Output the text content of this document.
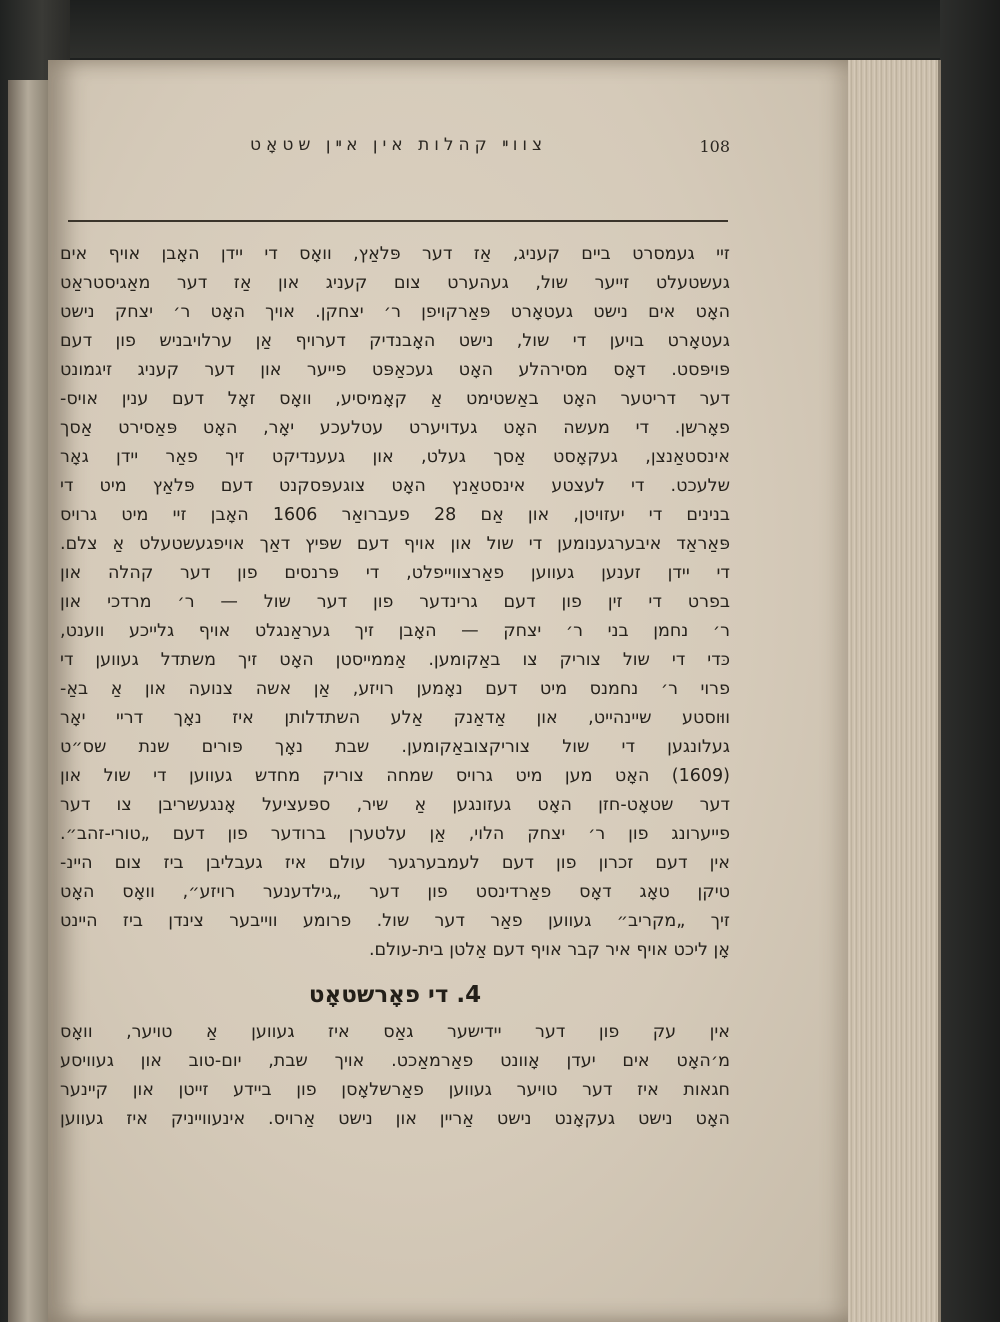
צווײ קהלות אין אײן שטאָט	108
זיי געמסרט ביים קעניג, אַז דער פּלאַץ, וואָס די יידן האָבן אויף אים
געשטעלט זייער שול, געהערט צום קעניג און אַז דער מאַגיסטראַט
האָט אים נישט געטאָרט פּאַרקויפן ר׳ יצחקן. אויך האָט ר׳ יצחק נישט
געטאָרט בויען די שול, נישט האָבנדיק דערויף אַן ערלויבניש פון דעם
פּויפּסט. דאָס מסירהלע האָט געכאַפּט פייער און דער קעניג זיגמונט
דער דריטער האָט באַשטימט אַ קאָמיסיע, וואָס זאָל דעם ענין אויס-
פאָרשן. די מעשה האָט געדויערט עטלעכע יאָר, האָט פּאַסירט אַסך
אינסטאַנצן, געקאָסט אַסך געלט, און געענדיקט זיך פאַר יידן גאָר
שלעכט. די לעצטע אינסטאַנץ האָט צוגעפּסקנט דעם פּלאַץ מיט די
בנינים די יעזויטן, און אַם 28 פעברואַר 1606 האָבן זיי מיט גרויס
פּאַראַד איבערגענומען די שול און אויף דעם שפּיץ דאַך אויפגעשטעלט אַ צלם.
די יידן זענען געווען פאַרצווייפלט, די פּרנסים פון דער קהלה און
בפרט די זין פון דעם גרינדער פון דער שול — ר׳ מרדכי און
ר׳ נחמן בני ר׳ יצחק — האָבן זיך געראַנגלט אויף גלייכע ווענט,
כּדי די שול צוריק צו באַקומען. אַממייסטן האָט זיך משתדל געווען די
פרוי ר׳ נחמנס מיט דעם נאָמען רויזע, אַן אשה צנועה און אַ באַ-
ווּוסטע שיינהייט, און אַדאַנק אַלע השתדלותן איז נאָך דריי יאָר
געלונגען די שול צוריקצובאַקומען. שבת נאָך פּורים שנת שס״ט
(1609) האָט מען מיט גרויס שמחה צוריק מחדש געווען די שול און
דער שטאָט-חזן האָט געזונגען אַ שיר, ספּעציעל אָנגעשריבן צו דער
פייערונג פון ר׳ יצחק הלוי, אַן עלטערן ברודער פון דעם „טורי-זהב״.
אין דעם זכרון פון דעם לעמבערגער עולם איז געבליבן ביז צום היינ-
טיקן טאָג דאָס פאַרדינסט פון דער „גילדענער רויזע״, וואָס האָט
זיך „מקריב״ געווען פאַר דער שול. פרומע ווייבער צינדן ביז היינט
אָן ליכט אויף איר קבר אויף דעם אַלטן בית-עולם.
4. די פאָרשטאָט
אין עק פון דער יידישער גאַס איז געווען אַ טויער, וואָס
מ׳האָט אים יעדן אָוונט פאַרמאַכט. אויך שבת, יום-טוב און געוויסע
חגאות איז דער טויער געווען פאַרשלאָסן פון ביידע זייטן און קיינער
האָט נישט געקאָנט נישט אַריין און נישט אַרויס. אינעווייניק איז געווען
